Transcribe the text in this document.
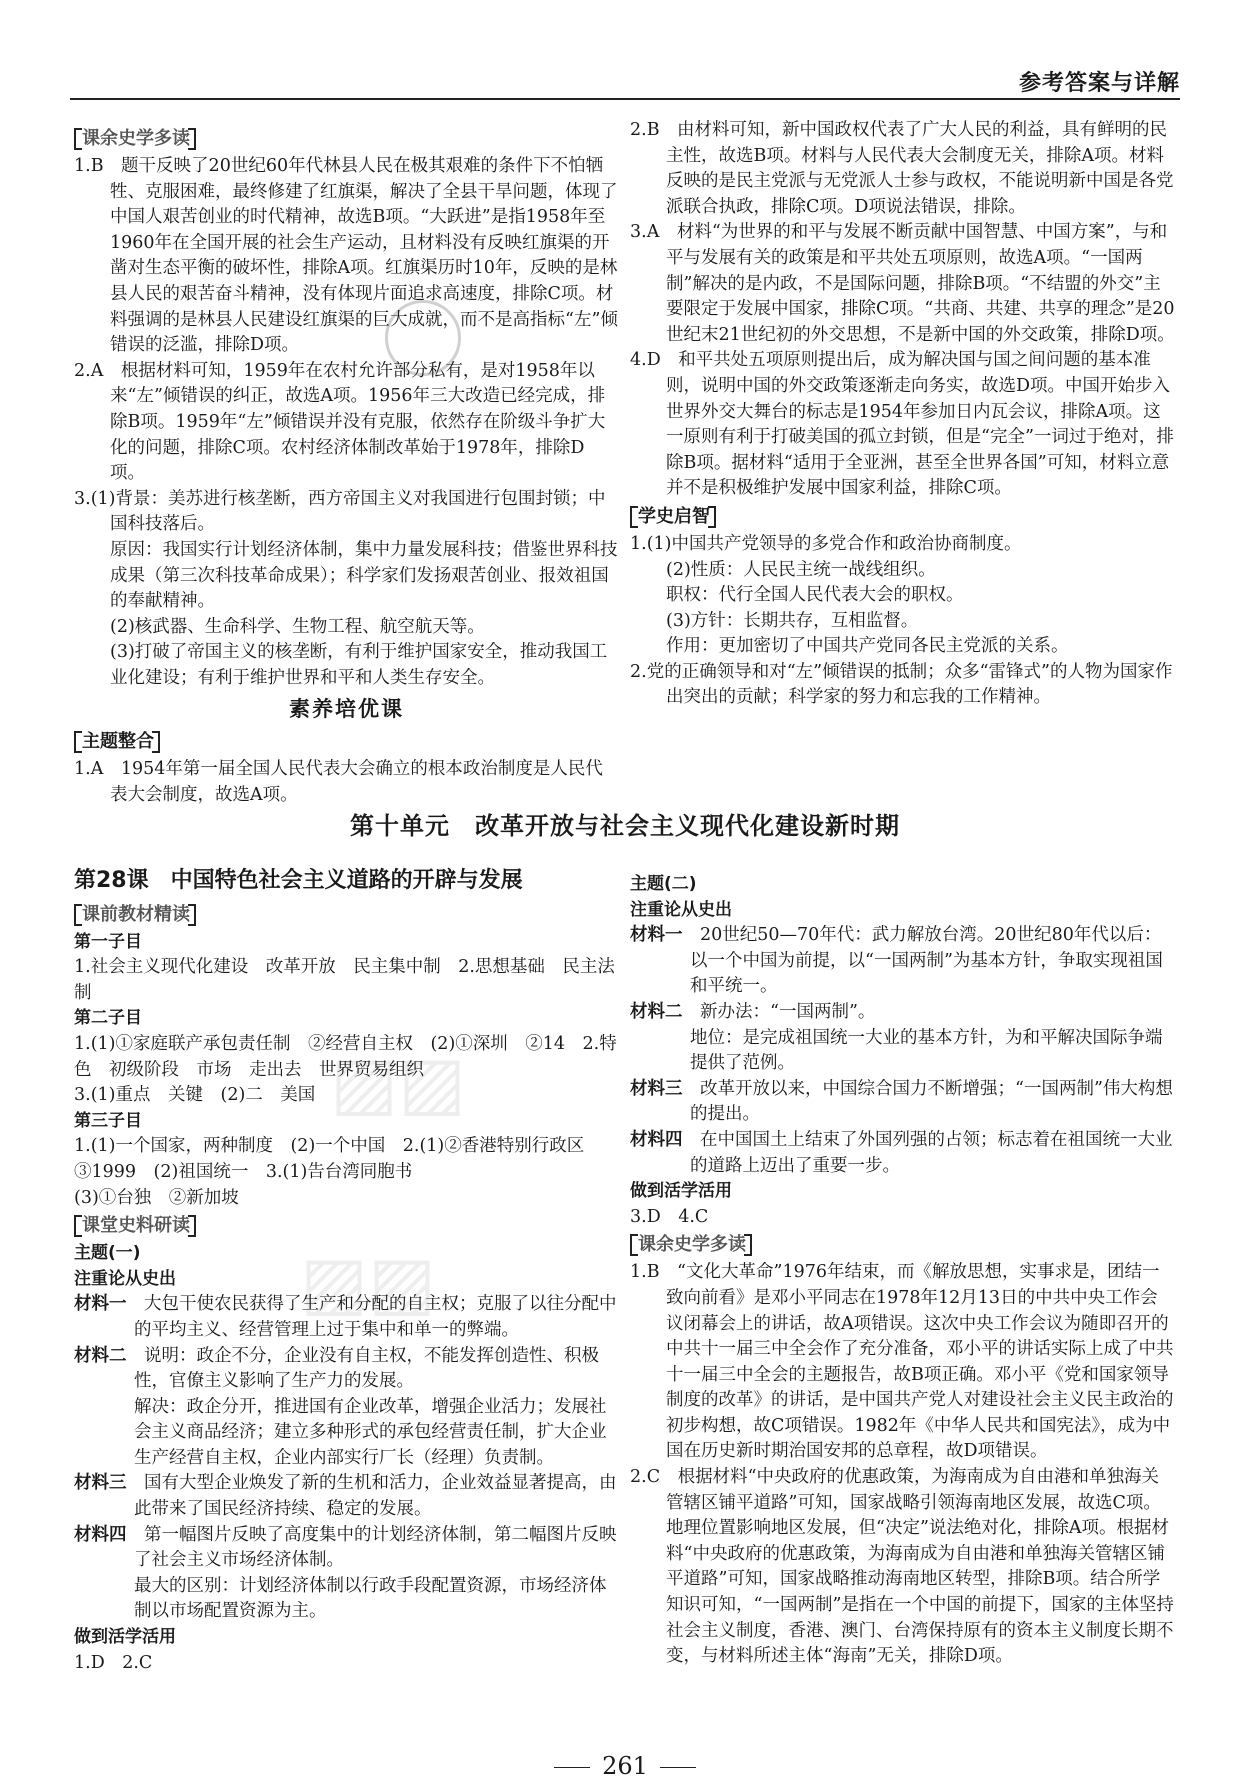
参考答案与详解
▨▨
▨▨
课余史学多读

1.B　题干反映了20世纪60年代林县人民在极其艰难的条件下不怕牺牲、克服困难，最终修建了红旗渠，解决了全县干旱问题，体现了中国人艰苦创业的时代精神，故选B项。“大跃进”是指1958年至1960年在全国开展的社会生产运动，且材料没有反映红旗渠的开凿对生态平衡的破坏性，排除A项。红旗渠历时10年，反映的是林县人民的艰苦奋斗精神，没有体现片面追求高速度，排除C项。材料强调的是林县人民建设红旗渠的巨大成就，而不是高指标“左”倾错误的泛滥，排除D项。

2.A　根据材料可知，1959年在农村允许部分私有，是对1958年以来“左”倾错误的纠正，故选A项。1956年三大改造已经完成，排除B项。1959年“左”倾错误并没有克服，依然存在阶级斗争扩大化的问题，排除C项。农村经济体制改革始于1978年，排除D项。

3.(1)背景：美苏进行核垄断，西方帝国主义对我国进行包围封锁；中国科技落后。

原因：我国实行计划经济体制，集中力量发展科技；借鉴世界科技成果（第三次科技革命成果）；科学家们发扬艰苦创业、报效祖国的奉献精神。

(2)核武器、生命科学、生物工程、航空航天等。

(3)打破了帝国主义的核垄断，有利于维护国家安全，推动我国工业化建设；有利于维护世界和平和人类生存安全。

素养培优课
主题整合

1.A　1954年第一届全国人民代表大会确立的根本政治制度是人民代表大会制度，故选A项。

2.B　由材料可知，新中国政权代表了广大人民的利益，具有鲜明的民主性，故选B项。材料与人民代表大会制度无关，排除A项。材料反映的是民主党派与无党派人士参与政权，不能说明新中国是各党派联合执政，排除C项。D项说法错误，排除。

3.A　材料“为世界的和平与发展不断贡献中国智慧、中国方案”，与和平与发展有关的政策是和平共处五项原则，故选A项。“一国两制”解决的是内政，不是国际问题，排除B项。“不结盟的外交”主要限定于发展中国家，排除C项。“共商、共建、共享的理念”是20世纪末21世纪初的外交思想，不是新中国的外交政策，排除D项。

4.D　和平共处五项原则提出后，成为解决国与国之间问题的基本准则，说明中国的外交政策逐渐走向务实，故选D项。中国开始步入世界外交大舞台的标志是1954年参加日内瓦会议，排除A项。这一原则有利于打破美国的孤立封锁，但是“完全”一词过于绝对，排除B项。据材料“适用于全亚洲，甚至全世界各国”可知，材料立意并不是积极维护发展中国家利益，排除C项。

学史启智

1.(1)中国共产党领导的多党合作和政治协商制度。

(2)性质：人民民主统一战线组织。

职权：代行全国人民代表大会的职权。

(3)方针：长期共存，互相监督。

作用：更加密切了中国共产党同各民主党派的关系。

2.党的正确领导和对“左”倾错误的抵制；众多“雷锋式”的人物为国家作出突出的贡献；科学家的努力和忘我的工作精神。

第十单元　改革开放与社会主义现代化建设新时期
第28课　中国特色社会主义道路的开辟与发展
课前教材精读

第一子目

1.社会主义现代化建设　改革开放　民主集中制　2.思想基础　民主法制

第二子目

1.(1)①家庭联产承包责任制　②经营自主权　(2)①深圳　②14　2.特色　初级阶段　市场　走出去　世界贸易组织

3.(1)重点　关键　(2)二　美国

第三子目

1.(1)一个国家，两种制度　(2)一个中国　2.(1)②香港特别行政区　③1999　(2)祖国统一　3.(1)告台湾同胞书

(3)①台独　②新加坡

课堂史料研读

主题(一)

注重论从史出

材料一　 大包干使农民获得了生产和分配的自主权；克服了以往分配中的平均主义、经营管理上过于集中和单一的弊端。

材料二　 说明：政企不分，企业没有自主权，不能发挥创造性、积极性，官僚主义影响了生产力的发展。

解决：政企分开，推进国有企业改革，增强企业活力；发展社会主义商品经济；建立多种形式的承包经营责任制，扩大企业生产经营自主权，企业内部实行厂长（经理）负责制。

材料三　 国有大型企业焕发了新的生机和活力，企业效益显著提高，由此带来了国民经济持续、稳定的发展。

材料四　 第一幅图片反映了高度集中的计划经济体制，第二幅图片反映了社会主义市场经济体制。

最大的区别：计划经济体制以行政手段配置资源，市场经济体制以市场配置资源为主。

做到活学活用

1.D　2.C

主题(二)

注重论从史出

材料一　 20世纪50—70年代：武力解放台湾。20世纪80年代以后：以一个中国为前提，以“一国两制”为基本方针，争取实现祖国和平统一。

材料二　 新办法：“一国两制”。

地位：是完成祖国统一大业的基本方针，为和平解决国际争端提供了范例。

材料三　 改革开放以来，中国综合国力不断增强；“一国两制”伟大构想的提出。

材料四　 在中国国土上结束了外国列强的占领；标志着在祖国统一大业的道路上迈出了重要一步。

做到活学活用

3.D　4.C

课余史学多读

1.B　“文化大革命”1976年结束，而《解放思想，实事求是，团结一致向前看》是邓小平同志在1978年12月13日的中共中央工作会议闭幕会上的讲话，故A项错误。这次中央工作会议为随即召开的中共十一届三中全会作了充分准备，邓小平的讲话实际上成了中共十一届三中全会的主题报告，故B项正确。邓小平《党和国家领导制度的改革》的讲话，是中国共产党人对建设社会主义民主政治的初步构想，故C项错误。1982年《中华人民共和国宪法》，成为中国在历史新时期治国安邦的总章程，故D项错误。

2.C　根据材料“中央政府的优惠政策，为海南成为自由港和单独海关管辖区铺平道路”可知，国家战略引领海南地区发展，故选C项。地理位置影响地区发展，但“决定”说法绝对化，排除A项。根据材料“中央政府的优惠政策，为海南成为自由港和单独海关管辖区铺平道路”可知，国家战略推动海南地区转型，排除B项。结合所学知识可知，“一国两制”是指在一个中国的前提下，国家的主体坚持社会主义制度，香港、澳门、台湾保持原有的资本主义制度长期不变，与材料所述主体“海南”无关，排除D项。

261
